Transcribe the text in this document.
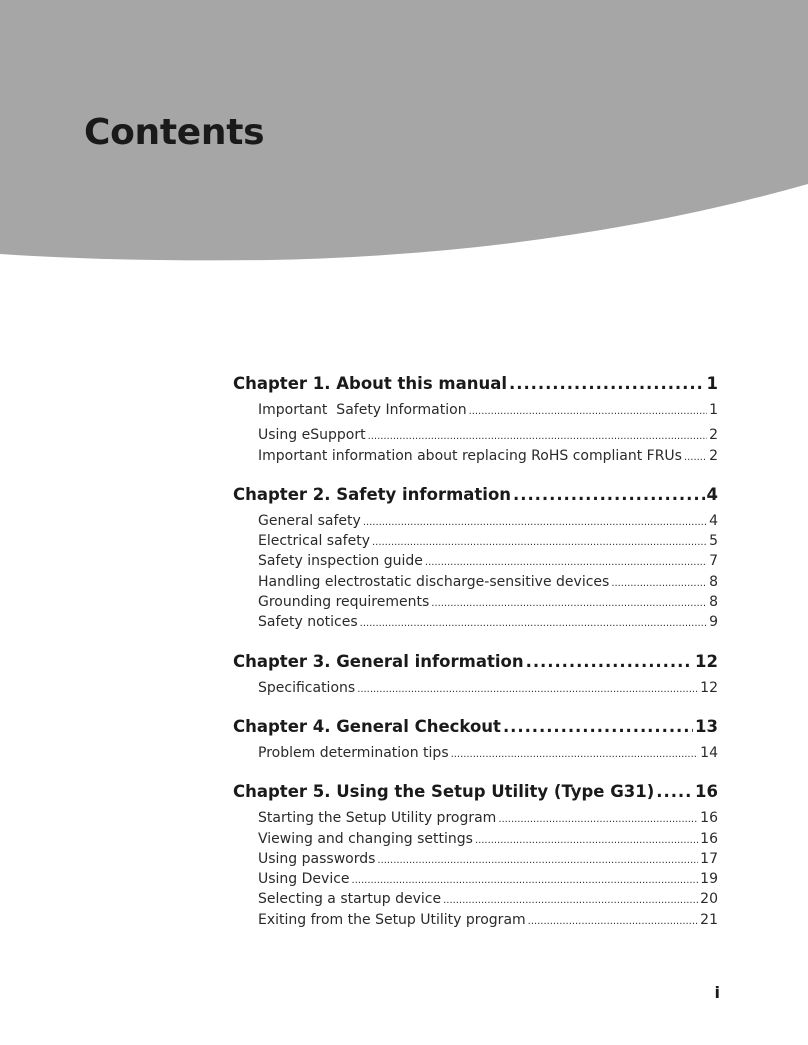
Contents
Chapter 1. About this manual . . .	1
Important  Safety Information . . .	1
Using eSupport . . .	2
Important information about replacing RoHS compliant FRUs . . . 2
Chapter 2. Safety information . . .	4
General safety . . .	4
Electrical safety . . .	5
Safety inspection guide . . .	7
Handling electrostatic discharge-sensitive devices . . .	8
Grounding requirements . . .	8
Safety notices . . .	9
Chapter 3. General information . . .	12
Specifications . . .	12
Chapter 4. General Checkout . . .	13
Problem determination tips . . .	14
Chapter 5. Using the Setup Utility (Type G31) . . . 16
Starting the Setup Utility program . . .	16
Viewing and changing settings . . .	16
Using passwords . . .	17
Using Device . . .	19
Selecting a startup device . . .	20
Exiting from the Setup Utility program . . .	21
i
